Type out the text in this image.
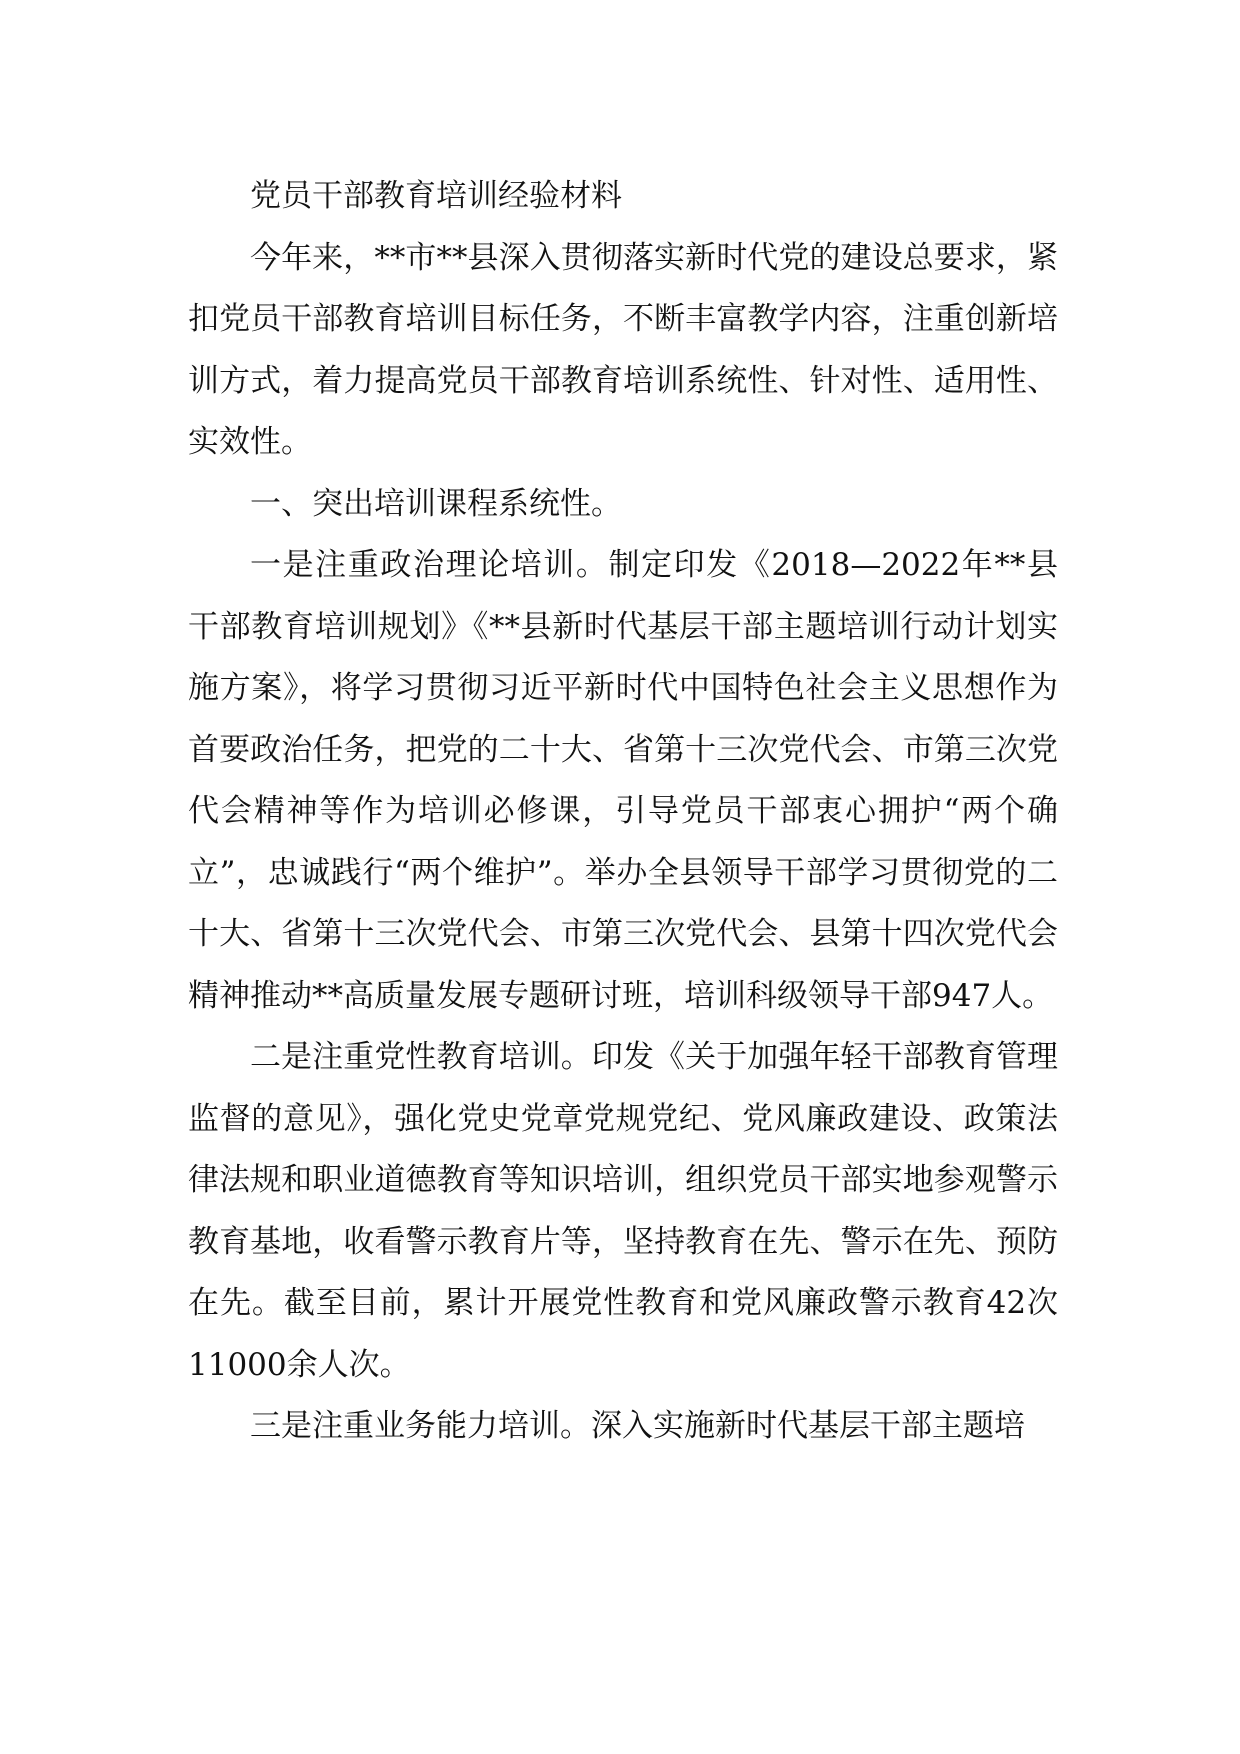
党员干部教育培训经验材料

今年来，**市**县深入贯彻落实新时代党的建设总要求，紧扣党员干部教育培训目标任务，不断丰富教学内容，注重创新培训方式，着力提高党员干部教育培训系统性、针对性、适用性、实效性。

一、突出培训课程系统性。

一是注重政治理论培训。制定印发《2018—2022年**县干部教育培训规划》《**县新时代基层干部主题培训行动计划实施方案》，将学习贯彻习近平新时代中国特色社会主义思想作为首要政治任务，把党的二十大、省第十三次党代会、市第三次党代会精神等作为培训必修课，引导党员干部衷心拥护“两个确立”，忠诚践行“两个维护”。举办全县领导干部学习贯彻党的二十大、省第十三次党代会、市第三次党代会、县第十四次党代会精神推动**高质量发展专题研讨班，培训科级领导干部947人。

二是注重党性教育培训。印发《关于加强年轻干部教育管理监督的意见》，强化党史党章党规党纪、党风廉政建设、政策法律法规和职业道德教育等知识培训，组织党员干部实地参观警示教育基地，收看警示教育片等，坚持教育在先、警示在先、预防在先。截至目前，累计开展党性教育和党风廉政警示教育42次11000余人次。

三是注重业务能力培训。深入实施新时代基层干部主题培
